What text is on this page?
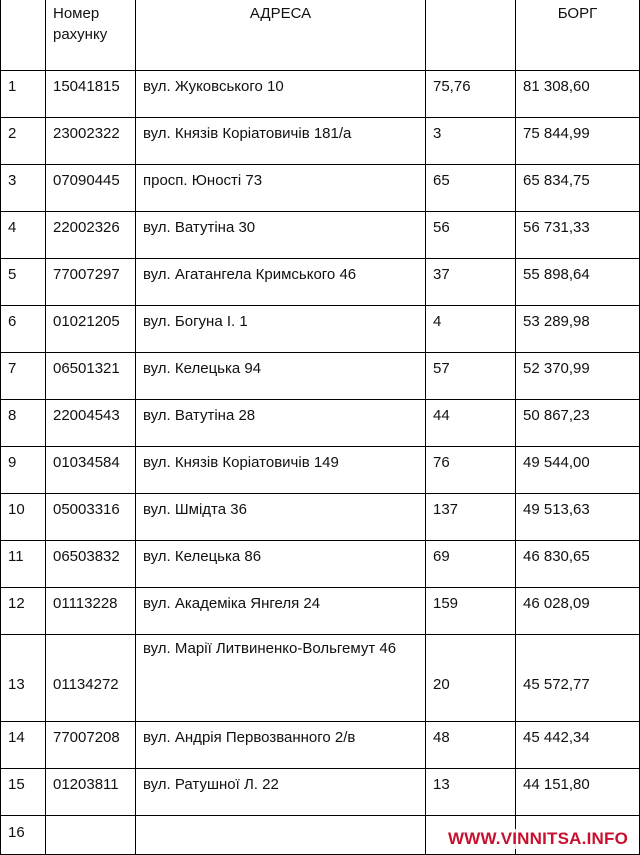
	Номер рахунку	АДРЕСА		БОРГ
1	15041815	вул. Жуковського 10	75,76	81 308,60
2	23002322	вул. Князів Коріатовичів 181/а	3	75 844,99
3	07090445	просп. Юності 73	65	65 834,75
4	22002326	вул. Ватутіна 30	56	56 731,33
5	77007297	вул. Агатангела Кримського 46	37	55 898,64
6	01021205	вул. Богуна І. 1	4	53 289,98
7	06501321	вул. Келецька 94	57	52 370,99
8	22004543	вул. Ватутіна 28	44	50 867,23
9	01034584	вул. Князів Коріатовичів 149	76	49 544,00
10	05003316	вул. Шмідта 36	137	49 513,63
11	06503832	вул. Келецька 86	69	46 830,65
12	01113228	вул. Академіка Янгеля 24	159	46 028,09
13	01134272	вул. Марії Литвиненко-Вольгемут 46	20	45 572,77
14	77007208	вул. Андрія Первозванного 2/в	48	45 442,34
15	01203811	вул. Ратушної Л. 22	13	44 151,80
16					WWW.VINNITSA.INFO
